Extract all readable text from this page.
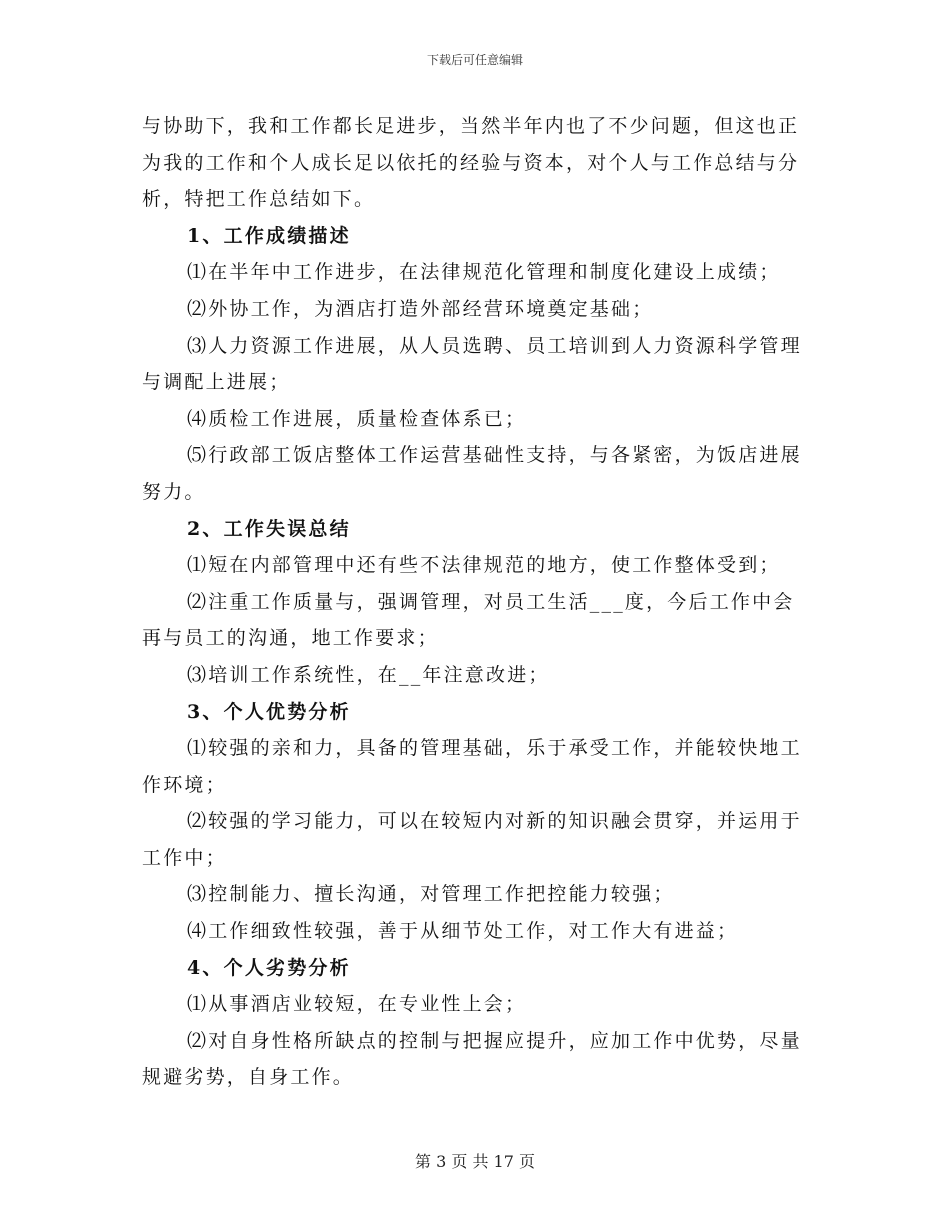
下载后可任意编辑

与协助下，我和工作都长足进步，当然半年内也了不少问题，但这也正为我的工作和个人成长足以依托的经验与资本，对个人与工作总结与分析，特把工作总结如下。

1、工作成绩描述

⑴在半年中工作进步，在法律规范化管理和制度化建设上成绩；

⑵外协工作，为酒店打造外部经营环境奠定基础；

⑶人力资源工作进展，从人员选聘、员工培训到人力资源科学管理与调配上进展；

⑷质检工作进展，质量检查体系已；

⑸行政部工饭店整体工作运营基础性支持，与各紧密，为饭店进展努力。

2、工作失误总结

⑴短在内部管理中还有些不法律规范的地方，使工作整体受到；

⑵注重工作质量与，强调管理，对员工生活___度，今后工作中会再与员工的沟通，地工作要求；

⑶培训工作系统性，在__年注意改进；

3、个人优势分析

⑴较强的亲和力，具备的管理基础，乐于承受工作，并能较快地工作环境；

⑵较强的学习能力，可以在较短内对新的知识融会贯穿，并运用于工作中；

⑶控制能力、擅长沟通，对管理工作把控能力较强；

⑷工作细致性较强，善于从细节处工作，对工作大有进益；

4、个人劣势分析

⑴从事酒店业较短，在专业性上会；

⑵对自身性格所缺点的控制与把握应提升，应加工作中优势，尽量规避劣势，自身工作。

第 3 页 共 17 页
